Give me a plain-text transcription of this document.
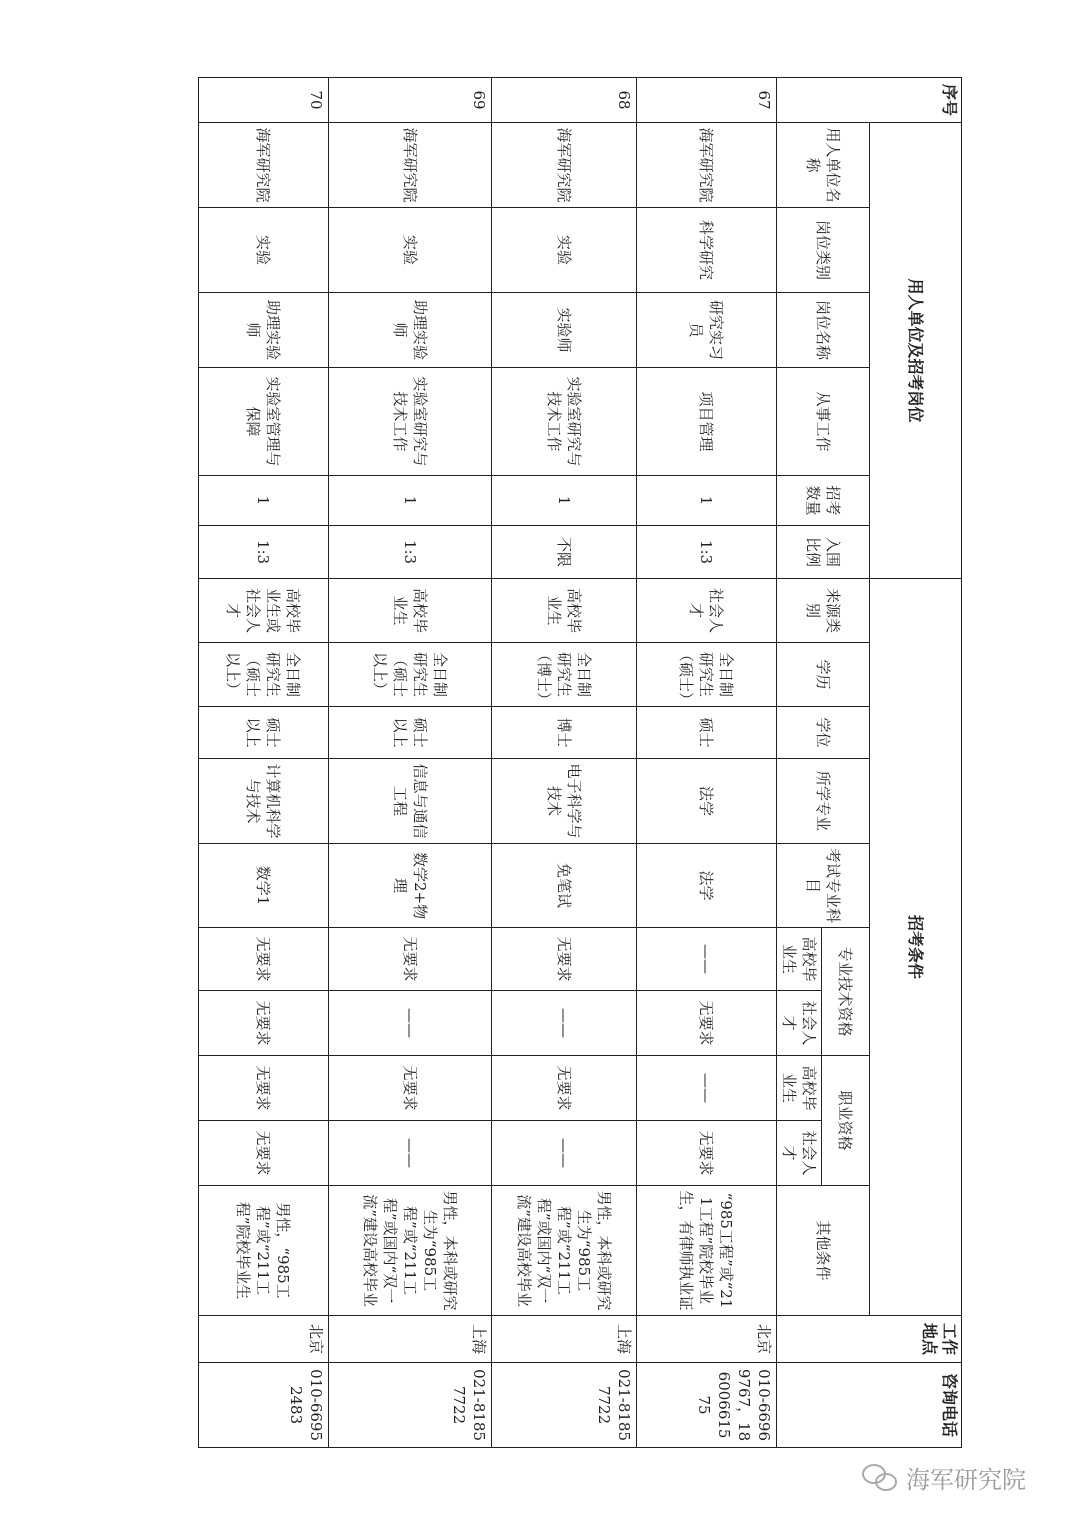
序号	用人单位及招考岗位						招考条件										工作地点	咨询电话
	用人单位名称	岗位类别	岗位名称	从事工作	招考数量	入围比例	来源类别	学历	学位	所学专业	考试专业科目	专业技术资格		职业资格		其他条件		
												高校毕业生	社会人才	高校毕业生	社会人才			
67	海军研究院	科学研究	研究实习员	项目管理	1	1:3	社会人才	全日制研究生（硕士）	硕士	法学	法学	——	无要求	——	无要求	“985工程”或“211工程”院校毕业生，有律师执业证	北京	010-66969767，18600661575
68	海军研究院	实验	实验师	实验室研究与技术工作	1	不限	高校毕业生	全日制研究生（博士）	博士	电子科学与技术	免笔试	无要求	——	无要求	——	男性，本科或研究生为“985工程”或“211工程”或国内“双一流”建设高校毕业	上海	021-81857722
69	海军研究院	实验	助理实验师	实验室研究与技术工作	1	1:3	高校毕业生	全日制研究生（硕士以上）	硕士以上	信息与通信工程	数学2+物理	无要求	——	无要求	——	男性，本科或研究生为“985工程”或“211工程”或国内“双一流”建设高校毕业	上海	021-81857722
70	海军研究院	实验	助理实验师	实验室管理与保障	1	1:3	高校毕业生或社会人才	全日制研究生（硕士以上）	硕士以上	计算机科学与技术	数学1	无要求	无要求	无要求	无要求	男性，“985工程”或“211工程”院校毕业生	北京	010-66952483
海军研究院
